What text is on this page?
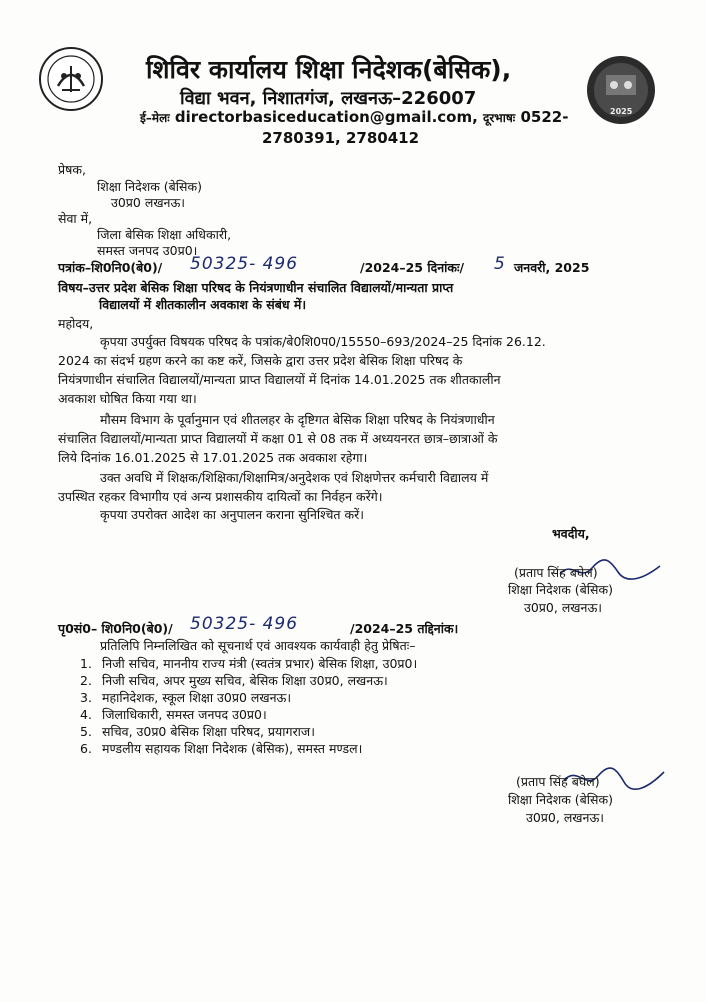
शिविर कार्यालय शिक्षा निदेशक(बेसिक),
विद्या भवन, निशातगंज, लखनऊ–226007
ई–मेलः directorbasiceducation@gmail.com, दूरभाषः 0522-
2780391, 2780412
2025
प्रेषक,
शिक्षा निदेशक (बेसिक)
उ0प्र0 लखनऊ।
सेवा में,
जिला बेसिक शिक्षा अधिकारी,
समस्त जनपद उ0प्र0।
पत्रांक–शि0नि0(बे0)/ 50325- 496	/2024–25 दिनांकः/ 5 जनवरी, 2025
विषय–उत्तर प्रदेश बेसिक शिक्षा परिषद के नियंत्रणाधीन संचालित विद्यालयों/मान्यता प्राप्त
विद्यालयों में शीतकालीन अवकाश के संबंध में।
महोदय,
कृपया उपर्युक्त विषयक परिषद के पत्रांक/बे0शि0प0/15550–693/2024–25 दिनांक 26.12.
2024 का संदर्भ ग्रहण करने का कष्ट करें, जिसके द्वारा उत्तर प्रदेश बेसिक शिक्षा परिषद के
नियंत्रणाधीन संचालित विद्यालयों/मान्यता प्राप्त विद्यालयों में दिनांक 14.01.2025 तक शीतकालीन
अवकाश घोषित किया गया था।
मौसम विभाग के पूर्वानुमान एवं शीतलहर के दृष्टिगत बेसिक शिक्षा परिषद के नियंत्रणाधीन
संचालित विद्यालयों/मान्यता प्राप्त विद्यालयों में कक्षा 01 से 08 तक में अध्ययनरत छात्र–छात्राओं के
लिये दिनांक 16.01.2025 से 17.01.2025 तक अवकाश रहेगा।
उक्त अवधि में शिक्षक/शिक्षिका/शिक्षामित्र/अनुदेशक एवं शिक्षणेत्तर कर्मचारी विद्यालय में
उपस्थित रहकर विभागीय एवं अन्य प्रशासकीय दायित्वों का निर्वहन करेंगे।
कृपया उपरोक्त आदेश का अनुपालन कराना सुनिश्चित करें।
भवदीय,
(प्रताप सिंह बघेल)
शिक्षा निदेशक (बेसिक)
उ0प्र0, लखनऊ।
पृ0सं0– शि0नि0(बे0)/ 50325- 496	/2024–25 तद्दिनांक।
प्रतिलिपि निम्नलिखित को सूचनार्थ एवं आवश्यक कार्यवाही हेतु प्रेषितः–
1. निजी सचिव, माननीय राज्य मंत्री (स्वतंत्र प्रभार) बेसिक शिक्षा, उ0प्र0।
2. निजी सचिव, अपर मुख्य सचिव, बेसिक शिक्षा उ0प्र0, लखनऊ।
3. महानिदेशक, स्कूल शिक्षा उ0प्र0 लखनऊ।
4. जिलाधिकारी, समस्त जनपद उ0प्र0।
5. सचिव, उ0प्र0 बेसिक शिक्षा परिषद, प्रयागराज।
6. मण्डलीय सहायक शिक्षा निदेशक (बेसिक), समस्त मण्डल।
(प्रताप सिंह बघेल)
शिक्षा निदेशक (बेसिक)
उ0प्र0, लखनऊ।
